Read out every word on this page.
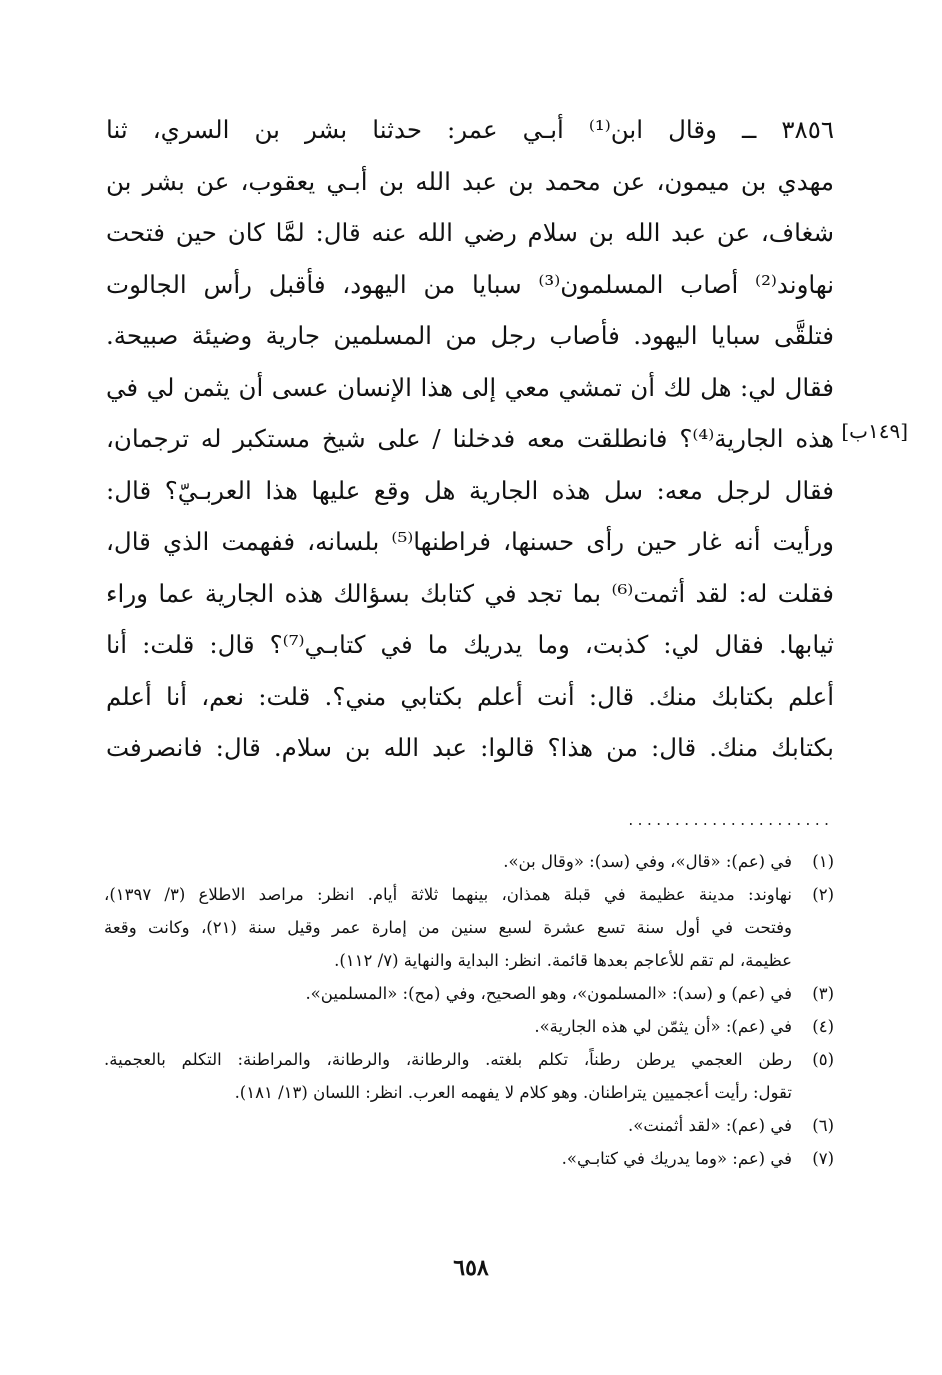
٣٨٥٦ ــ وقال ابن⁽¹⁾ أبـي عمر: حدثنا بشر بن السري، ثنا
مهدي بن ميمون، عن محمد بن عبد الله بن أبـي يعقوب، عن بشر بن
شغاف، عن عبد الله بن سلام رضي الله عنه قال: لمَّا كان حين فتحت
نهاوند⁽²⁾ أصاب المسلمون⁽³⁾ سبايا من اليهود، فأقبل رأس الجالوت
فتلقَّى سبايا اليهود. فأصاب رجل من المسلمين جارية وضيئة صبيحة.
فقال لي: هل لك أن تمشي معي إلى هذا الإنسان عسى أن يثمن لي في
هذه الجارية⁽⁴⁾؟ فانطلقت معه فدخلنا / على شيخ مستكبر له ترجمان،
فقال لرجل معه: سل هذه الجارية هل وقع عليها هذا العربـيّ؟ قال:
ورأيت أنه غار حين رأى حسنها، فراطنها⁽⁵⁾ بلسانه، ففهمت الذي قال،
فقلت له: لقد أثمت⁽⁶⁾ بما تجد في كتابك بسؤالك هذه الجارية عما وراء
ثيابها. فقال لي: كذبت، وما يدريك ما في كتابـي⁽⁷⁾؟ قال: قلت: أنا
أعلم بكتابك منك. قال: أنت أعلم بكتابي مني؟. قلت: نعم، أنا أعلم
بكتابك منك. قال: من هذا؟ قالوا: عبد الله بن سلام. قال: فانصرفت
[١٤٩ب]
......................
(١)
في (عم): «قال»، وفي (سد): «وقال بن».
(٢)
نهاوند: مدينة عظيمة في قبلة همذان، بينهما ثلاثة أيام. انظر: مراصد الاطلاع (٣/ ١٣٩٧)،
وفتحت في أول سنة تسع عشرة لسبع سنين من إمارة عمر وقيل سنة (٢١)، وكانت وقعة
عظيمة، لم تقم للأعاجم بعدها قائمة. انظر: البداية والنهاية (٧/ ١١٢).
(٣)
في (عم) و (سد): «المسلمون»، وهو الصحيح، وفي (مح): «المسلمين».
(٤)
في (عم): «أن يثمّن لي هذه الجارية».
(٥)
رطن العجمي يرطن رطناً، تكلم بلغته. والرطانة، والرطانة، والمراطنة: التكلم بالعجمية.
تقول: رأيت أعجميين يتراطنان. وهو كلام لا يفهمه العرب. انظر: اللسان (١٣/ ١٨١).
(٦)
في (عم): «لقد أثمنت».
(٧)
في (عم: «وما يدريك في كتابـي».
٦٥٨
